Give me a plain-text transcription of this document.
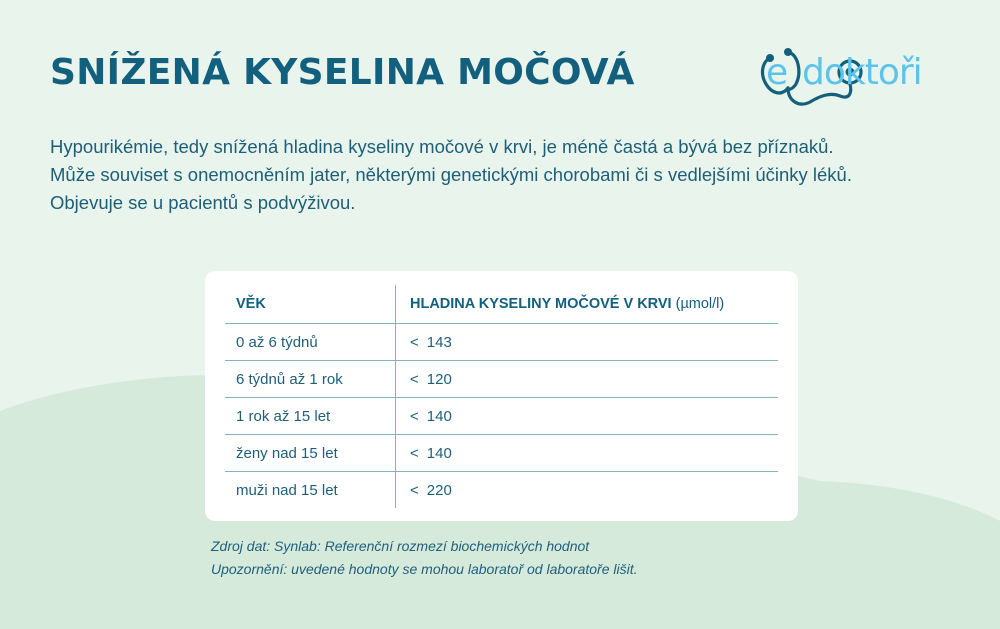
SNÍŽENÁ KYSELINA MOČOVÁ	e doktoři
Hypourikémie, tedy snížená hladina kyseliny močové v krvi, je méně častá a bývá bez příznaků.
Může souviset s onemocněním jater, některými genetickými chorobami či s vedlejšími účinky léků.
Objevuje se u pacientů s podvýživou.
VĚK	HLADINA KYSELINY MOČOVÉ V KRVI (µmol/l)
0 až 6 týdnů	< 143
6 týdnů až 1 rok	< 120
1 rok až 15 let	< 140
ženy nad 15 let	< 140
muži nad 15 let	< 220
Zdroj dat: Synlab: Referenční rozmezí biochemických hodnot
Upozornění: uvedené hodnoty se mohou laboratoř od laboratoře lišit.
